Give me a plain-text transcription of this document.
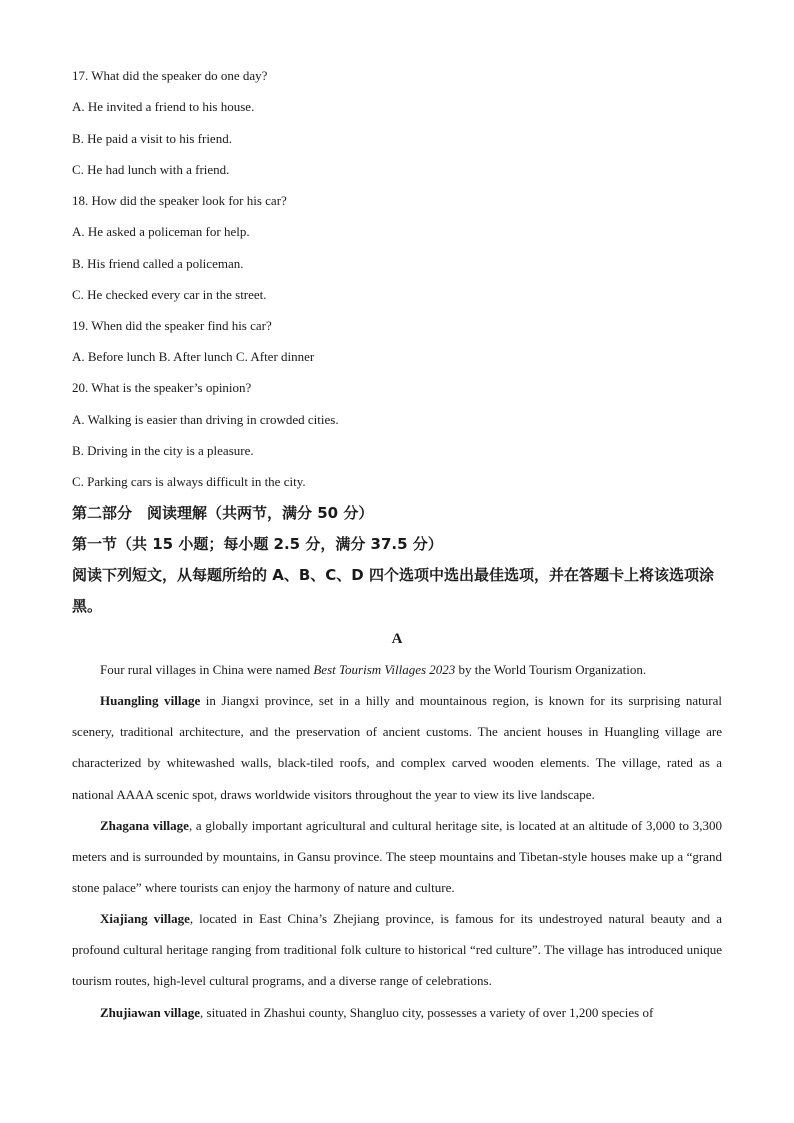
17. What did the speaker do one day?
A. He invited a friend to his house.
B. He paid a visit to his friend.
C. He had lunch with a friend.
18. How did the speaker look for his car?
A. He asked a policeman for help.
B. His friend called a policeman.
C. He checked every car in the street.
19. When did the speaker find his car?
A. Before lunch B. After lunch C. After dinner
20. What is the speaker’s opinion?
A. Walking is easier than driving in crowded cities.
B. Driving in the city is a pleasure.
C. Parking cars is always difficult in the city.
第二部分　阅读理解（共两节，满分 50 分）
第一节（共 15 小题；每小题 2.5 分，满分 37.5 分）
阅读下列短文，从每题所给的 A、B、C、D 四个选项中选出最佳选项，并在答题卡上将该选项涂黑。
A
Four rural villages in China were named Best Tourism Villages 2023 by the World Tourism Organization.
Huangling village in Jiangxi province, set in a hilly and mountainous region, is known for its surprising natural scenery, traditional architecture, and the preservation of ancient customs. The ancient houses in Huangling village are characterized by whitewashed walls, black-tiled roofs, and complex carved wooden elements. The village, rated as a national AAAA scenic spot, draws worldwide visitors throughout the year to view its live landscape.
Zhagana village, a globally important agricultural and cultural heritage site, is located at an altitude of 3,000 to 3,300 meters and is surrounded by mountains, in Gansu province. The steep mountains and Tibetan-style houses make up a “grand stone palace” where tourists can enjoy the harmony of nature and culture.
Xiajiang village, located in East China’s Zhejiang province, is famous for its undestroyed natural beauty and a profound cultural heritage ranging from traditional folk culture to historical “red culture”. The village has introduced unique tourism routes, high-level cultural programs, and a diverse range of celebrations.
Zhujiawan village, situated in Zhashui county, Shangluo city, possesses a variety of over 1,200 species of
